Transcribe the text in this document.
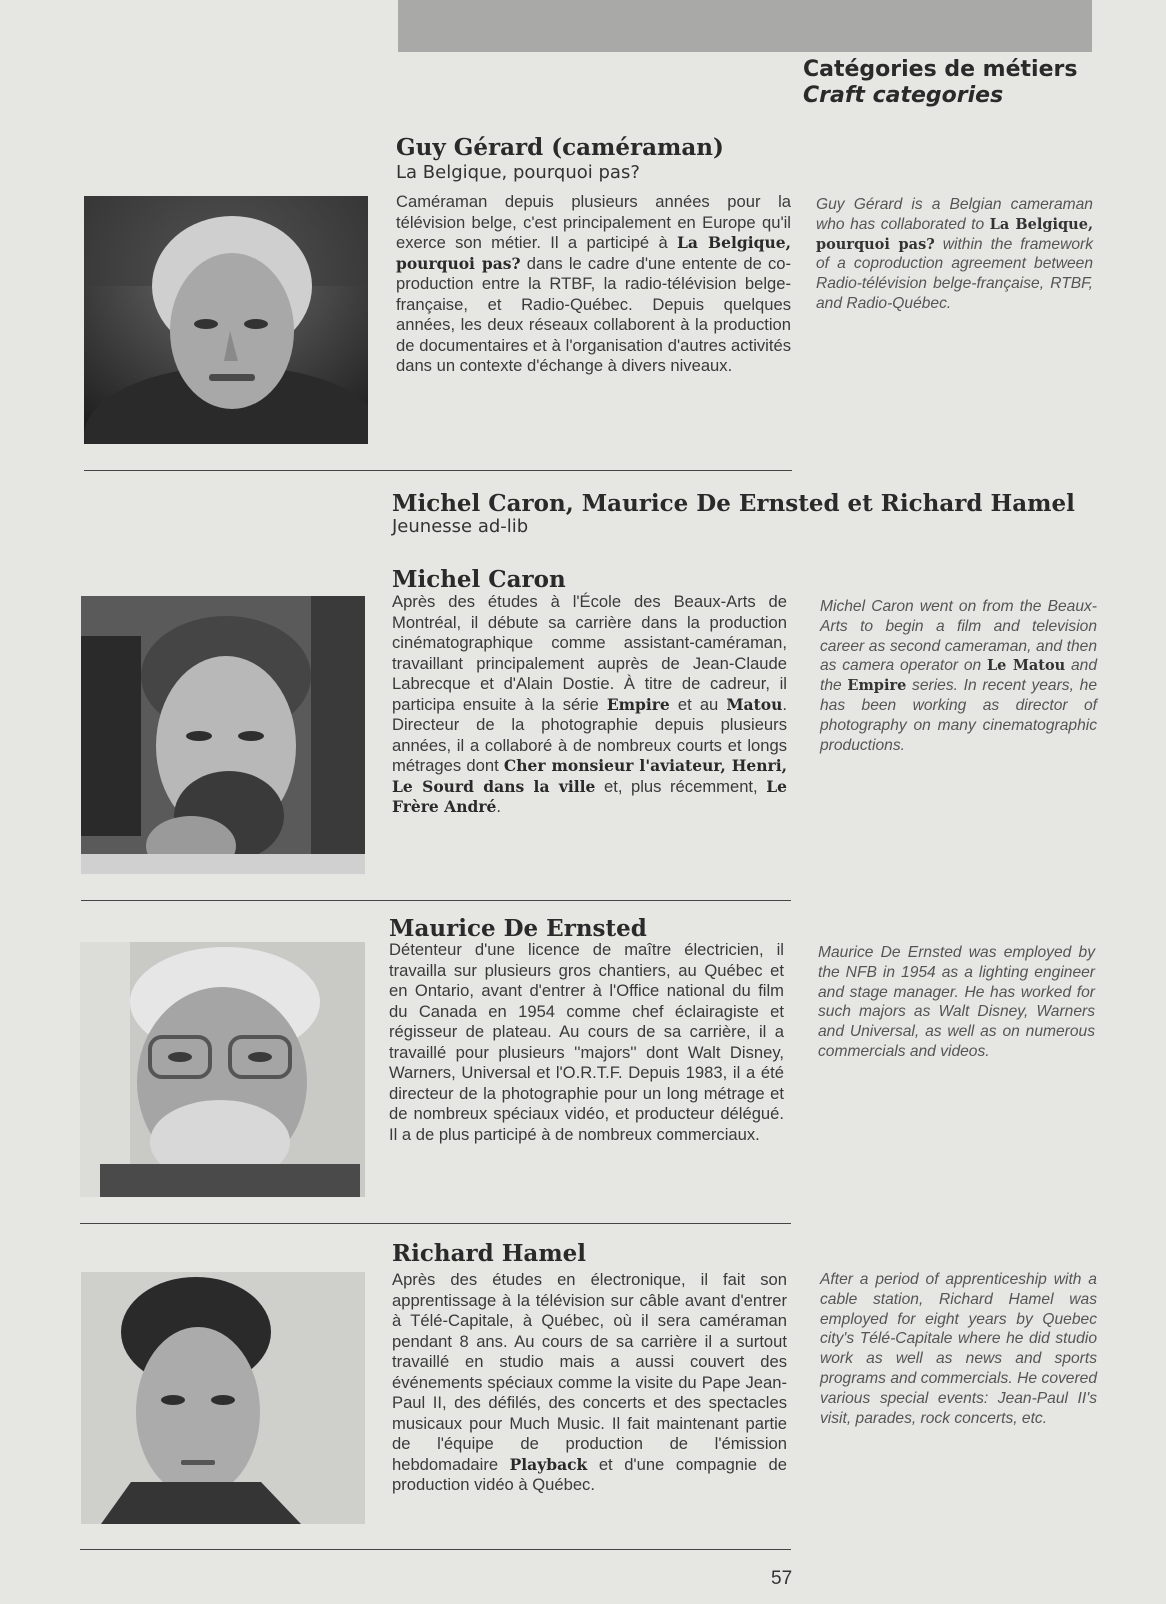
Catégories de métiers
Craft categories
Guy Gérard (caméraman)
La Belgique, pourquoi pas?
Caméraman depuis plusieurs années pour la télévision belge, c'est principalement en Europe qu'il exerce son métier. Il a participé à La Belgique, pourquoi pas? dans le cadre d'une entente de co-production entre la RTBF, la radio-télévision belge-française, et Radio-Québec. Depuis quelques années, les deux réseaux collaborent à la production de documentaires et à l'organisation d'autres activités dans un contexte d'échange à divers niveaux.
Guy Gérard is a Belgian cameraman who has collaborated to La Belgique, pourquoi pas? within the framework of a coproduction agreement between Radio-télévision belge-française, RTBF, and Radio-Québec.
Michel Caron, Maurice De Ernsted et Richard Hamel
Jeunesse ad-lib
Michel Caron
Après des études à l'École des Beaux-Arts de Montréal, il débute sa carrière dans la production cinématographique comme assistant-caméraman, travaillant principalement auprès de Jean-Claude Labrecque et d'Alain Dostie. À titre de cadreur, il participa ensuite à la série Empire et au Matou. Directeur de la photographie depuis plusieurs années, il a collaboré à de nombreux courts et longs métrages dont Cher monsieur l'aviateur, Henri, Le Sourd dans la ville et, plus récemment, Le Frère André.
Michel Caron went on from the Beaux-Arts to begin a film and television career as second cameraman, and then as camera operator on Le Matou and the Empire series. In recent years, he has been working as director of photography on many cinematographic productions.
Maurice De Ernsted
Détenteur d'une licence de maître électricien, il travailla sur plusieurs gros chantiers, au Québec et en Ontario, avant d'entrer à l'Office national du film du Canada en 1954 comme chef éclairagiste et régisseur de plateau. Au cours de sa carrière, il a travaillé pour plusieurs ''majors'' dont Walt Disney, Warners, Universal et l'O.R.T.F. Depuis 1983, il a été directeur de la photographie pour un long métrage et de nombreux spéciaux vidéo, et producteur délégué. Il a de plus participé à de nombreux commerciaux.
Maurice De Ernsted was employed by the NFB in 1954 as a lighting engineer and stage manager. He has worked for such majors as Walt Disney, Warners and Universal, as well as on numerous commercials and videos.
Richard Hamel
Après des études en électronique, il fait son apprentissage à la télévision sur câble avant d'entrer à Télé-Capitale, à Québec, où il sera caméraman pendant 8 ans. Au cours de sa carrière il a surtout travaillé en studio mais a aussi couvert des événements spéciaux comme la visite du Pape Jean-Paul II, des défilés, des concerts et des spectacles musicaux pour Much Music. Il fait maintenant partie de l'équipe de production de l'émission hebdomadaire Playback et d'une compagnie de production vidéo à Québec.
After a period of apprenticeship with a cable station, Richard Hamel was employed for eight years by Quebec city's Télé-Capitale where he did studio work as well as news and sports programs and commercials. He covered various special events: Jean-Paul II's visit, parades, rock concerts, etc.
57
